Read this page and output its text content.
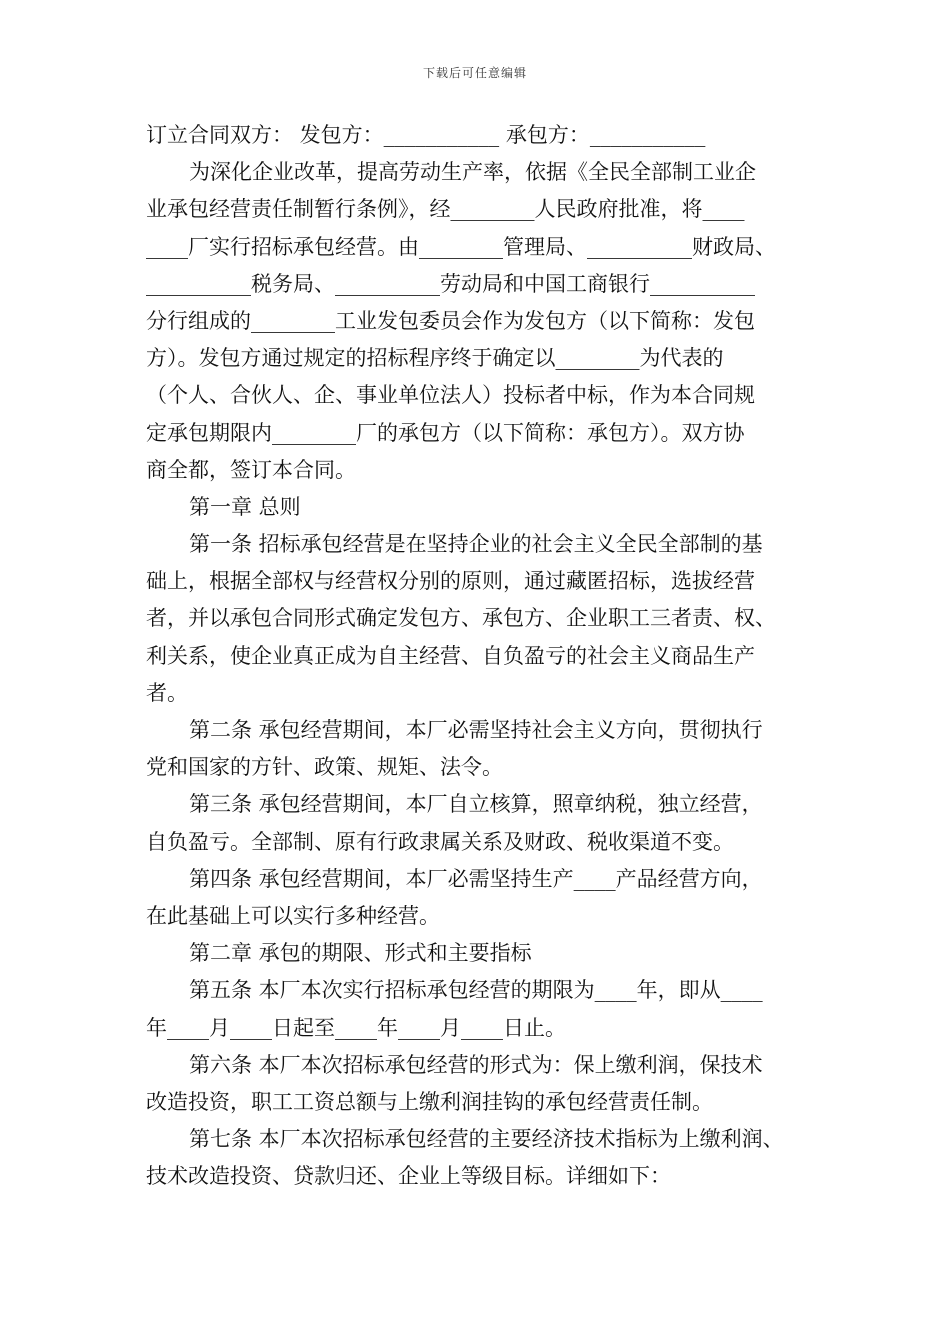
下载后可任意编辑
订立合同双方： 发包方：___________ 承包方：___________
为深化企业改革，提高劳动生产率，依据《全民全部制工业企
业承包经营责任制暂行条例》，经________人民政府批准，将____
____厂实行招标承包经营。由________管理局、__________财政局、
__________税务局、__________劳动局和中国工商银行__________
分行组成的________工业发包委员会作为发包方（以下简称：发包
方）。发包方通过规定的招标程序终于确定以________为代表的
（个人、合伙人、企、事业单位法人）投标者中标，作为本合同规
定承包期限内________厂的承包方（以下简称：承包方）。双方协
商全都，签订本合同。
第一章 总则
第一条 招标承包经营是在坚持企业的社会主义全民全部制的基
础上，根据全部权与经营权分别的原则，通过藏匿招标，选拔经营
者，并以承包合同形式确定发包方、承包方、企业职工三者责、权、
利关系，使企业真正成为自主经营、自负盈亏的社会主义商品生产
者。
第二条 承包经营期间，本厂必需坚持社会主义方向，贯彻执行
党和国家的方针、政策、规矩、法令。
第三条 承包经营期间，本厂自立核算，照章纳税，独立经营，
自负盈亏。全部制、原有行政隶属关系及财政、税收渠道不变。
第四条 承包经营期间，本厂必需坚持生产____产品经营方向，
在此基础上可以实行多种经营。
第二章 承包的期限、形式和主要指标
第五条 本厂本次实行招标承包经营的期限为____年，即从____
年____月____日起至____年____月____日止。
第六条 本厂本次招标承包经营的形式为：保上缴利润，保技术
改造投资，职工工资总额与上缴利润挂钩的承包经营责任制。
第七条 本厂本次招标承包经营的主要经济技术指标为上缴利润、
技术改造投资、贷款归还、企业上等级目标。详细如下：
